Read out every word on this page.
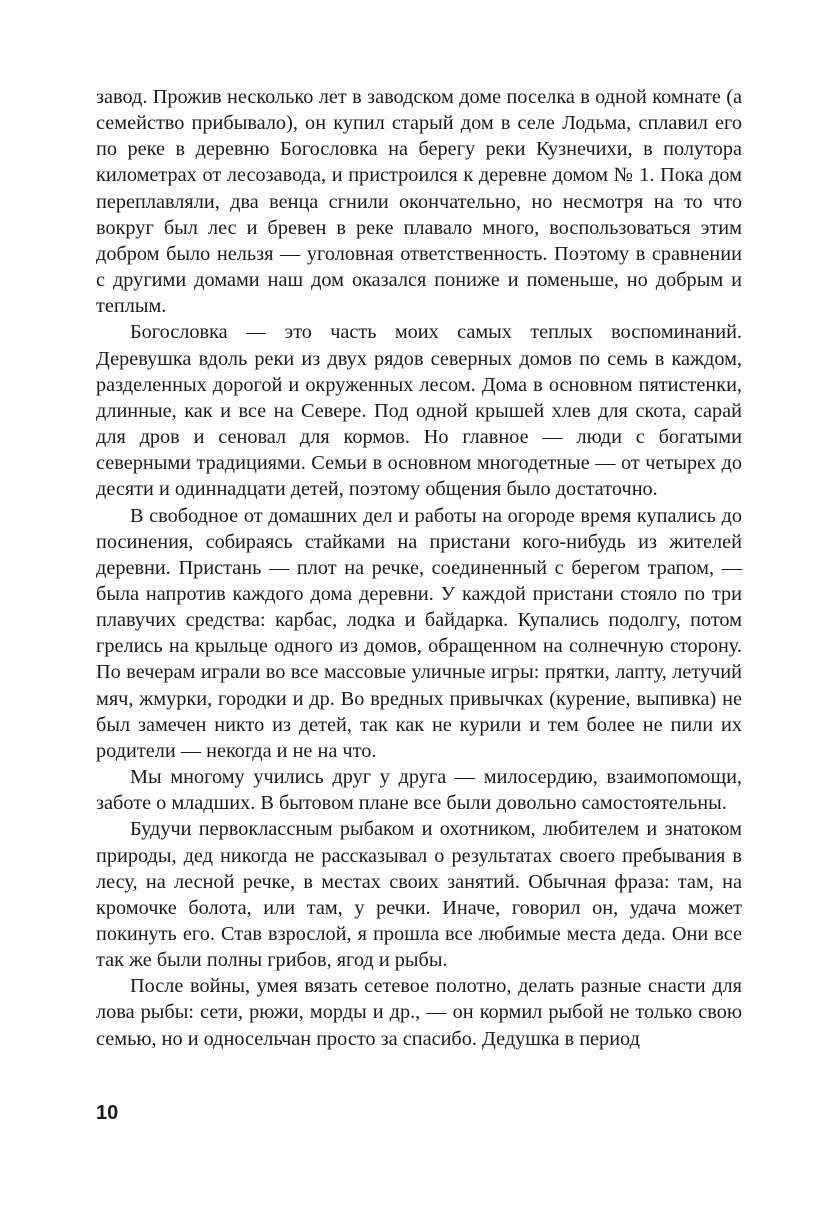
завод. Прожив несколько лет в заводском доме поселка в одной комнате (а семейство прибывало), он купил старый дом в селе Лодьма, сплавил его по реке в деревню Богословка на берегу реки Кузнечихи, в полутора километрах от лесозавода, и пристроился к деревне домом № 1. Пока дом переплавляли, два венца сгнили окончательно, но несмотря на то что вокруг был лес и бревен в реке плавало много, воспользоваться этим добром было нельзя — уголовная ответственность. Поэтому в сравнении с другими домами наш дом оказался пониже и поменьше, но добрым и теплым.

Богословка — это часть моих самых теплых воспоминаний. Деревушка вдоль реки из двух рядов северных домов по семь в каждом, разделенных дорогой и окруженных лесом. Дома в основном пятистенки, длинные, как и все на Севере. Под одной крышей хлев для скота, сарай для дров и сеновал для кормов. Но главное — люди с богатыми северными традициями. Семьи в основном многодетные — от четырех до десяти и одиннадцати детей, поэтому общения было достаточно.

В свободное от домашних дел и работы на огороде время купались до посинения, собираясь стайками на пристани кого-нибудь из жителей деревни. Пристань — плот на речке, соединенный с берегом трапом, — была напротив каждого дома деревни. У каждой пристани стояло по три плавучих средства: карбас, лодка и байдарка. Купались подолгу, потом грелись на крыльце одного из домов, обращенном на солнечную сторону. По вечерам играли во все массовые уличные игры: прятки, лапту, летучий мяч, жмурки, городки и др. Во вредных привычках (курение, выпивка) не был замечен никто из детей, так как не курили и тем более не пили их родители — некогда и не на что.

Мы многому учились друг у друга — милосердию, взаимопомощи, заботе о младших. В бытовом плане все были довольно самостоятельны.

Будучи первоклассным рыбаком и охотником, любителем и знатоком природы, дед никогда не рассказывал о результатах своего пребывания в лесу, на лесной речке, в местах своих занятий. Обычная фраза: там, на кромочке болота, или там, у речки. Иначе, говорил он, удача может покинуть его. Став взрослой, я прошла все любимые места деда. Они все так же были полны грибов, ягод и рыбы.

После войны, умея вязать сетевое полотно, делать разные снасти для лова рыбы: сети, рюжи, морды и др., — он кормил рыбой не только свою семью, но и односельчан просто за спасибо. Дедушка в период

10
